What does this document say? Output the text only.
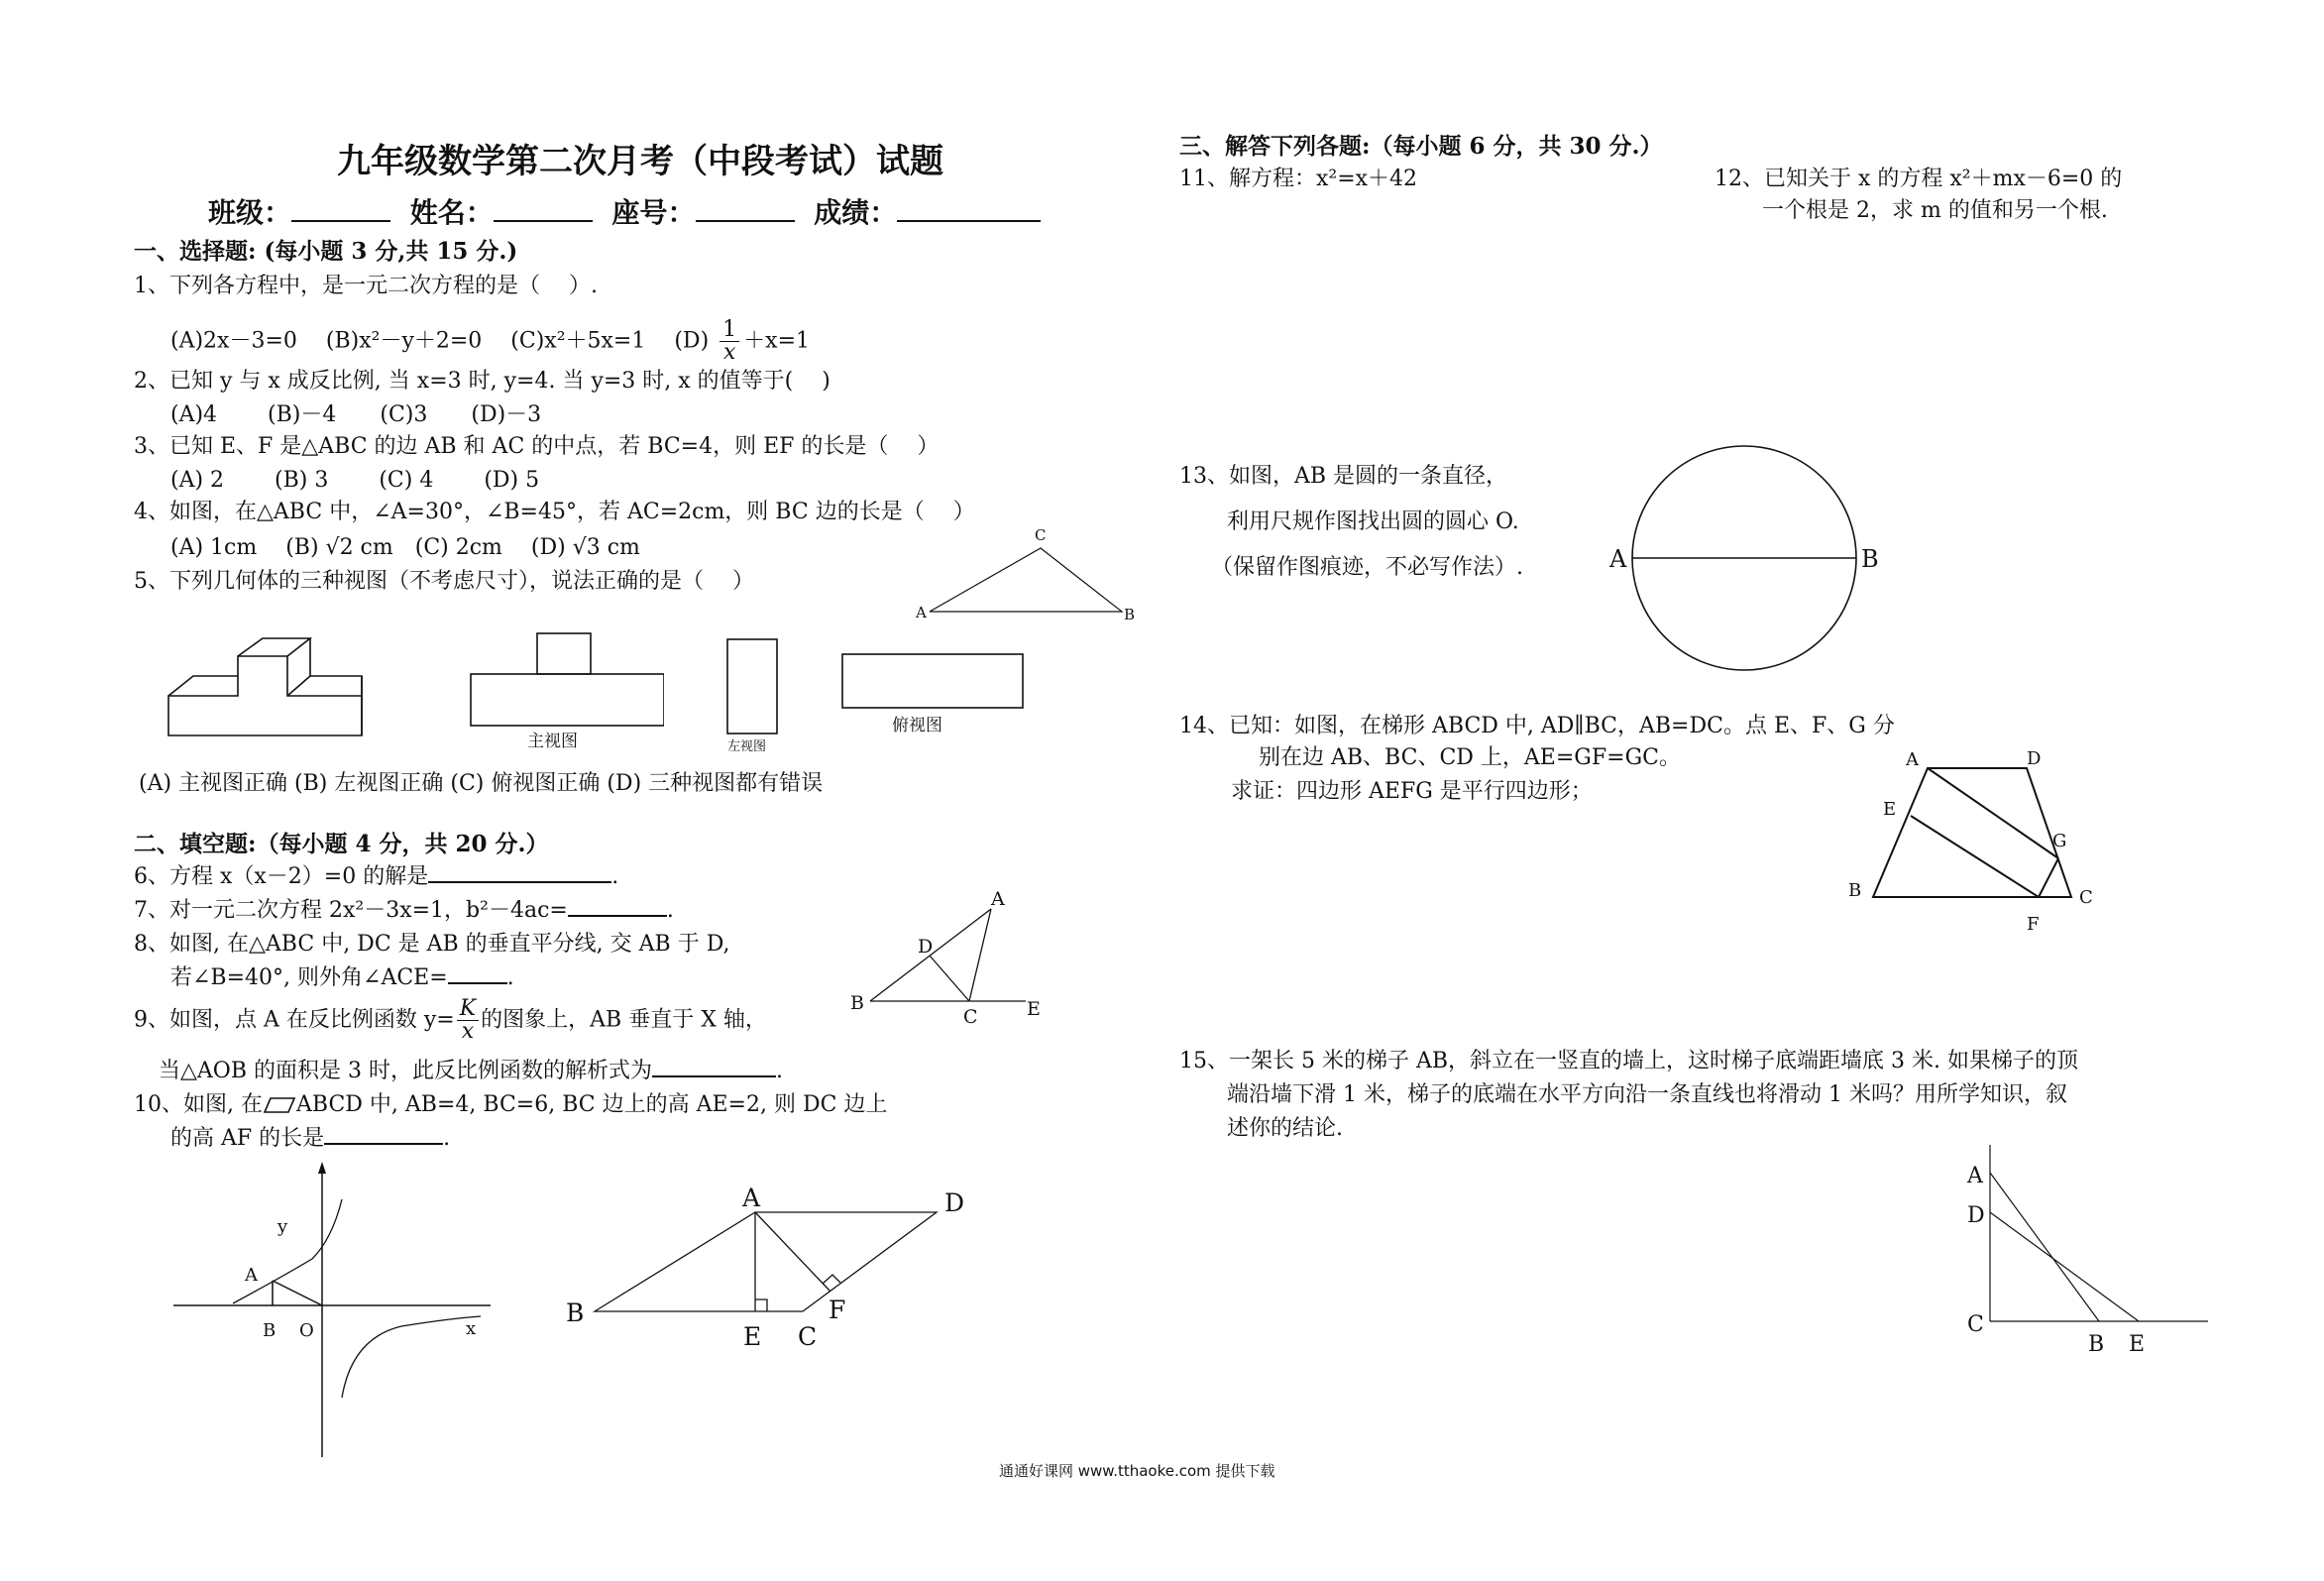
九年级数学第二次月考（中段考试）试题
班级：	姓名：	座号：	成绩：
一、选择题: (每小题 3 分,共 15 分.)
1、下列各方程中，是一元二次方程的是（　 ）.
(A)2x－3=0　 (B)x²－y＋2=0　 (C)x²＋5x=1　 $(D) \frac{1}{x} +x=1$
2、已知 y 与 x 成反比例, 当 x=3 时, y=4. 当 y=3 时, x 的值等于(　 )
(A)4　　 (B)－4　　(C)3　　(D)－3
3、已知 E、F 是△ABC 的边 AB 和 AC 的中点，若 BC=4，则 EF 的长是（　 ）
(A) 2　　 (B) 3　　 (C) 4　　 (D) 5
4、如图，在△ABC 中，∠A=30°，∠B=45°，若 AC=2cm，则 BC 边的长是（　 ）
(A) 1cm　 (B) √2 cm　(C) 2cm　 (D) √3 cm
5、下列几何体的三种视图（不考虑尺寸），说法正确的是（　 ）
C
A	B
主视图	左视图
俯视图
(A) 主视图正确 (B) 左视图正确 (C) 俯视图正确 (D) 三种视图都有错误
二、填空题:（每小题 4 分，共 20 分.）
6、方程 x（x－2）=0 的解是	.
7、对一元二次方程 2x²－3x=1，b²－4ac=	.
8、如图, 在△ABC 中, DC 是 AB 的垂直平分线, 交 AB 于 D,
若∠B=40°, 则外角∠ACE=	.
A
D
B
C	E
9、如图，点 A 在反比例函数 $y= \frac{K}{x}$ 的图象上，AB 垂直于 X 轴，
当△AOB 的面积是 3 时，此反比例函数的解析式为	.
10、如图, 在 ABCD 中, AB=4, BC=6, BC 边上的高 AE=2, 则 DC 边上
的高 AF 的长是	.
y
A
B O	x
A	D
B
E C
F
三、解答下列各题:（每小题 6 分，共 30 分.）
11、解方程：x²=x＋42	12、已知关于 x 的方程 x²＋mx－6=0 的
一个根是 2，求 m 的值和另一个根.
13、如图，AB 是圆的一条直径，
利用尺规作图找出圆的圆心 O.
（保留作图痕迹，不必写作法）.	A	B
14、已知：如图，在梯形 ABCD 中, AD∥BC，AB=DC。点 E、F、G 分
别在边 AB、BC、CD 上，AE=GF=GC。
求证：四边形 AEFG 是平行四边形；
A	D
E
G
B	C
F
15、一架长 5 米的梯子 AB，斜立在一竖直的墙上，这时梯子底端距墙底 3 米. 如果梯子的顶
端沿墙下滑 1 米，梯子的底端在水平方向沿一条直线也将滑动 1 米吗？用所学知识，叙
述你的结论.
A
D
C
B E
通通好课网 www.tthaoke.com 提供下载
